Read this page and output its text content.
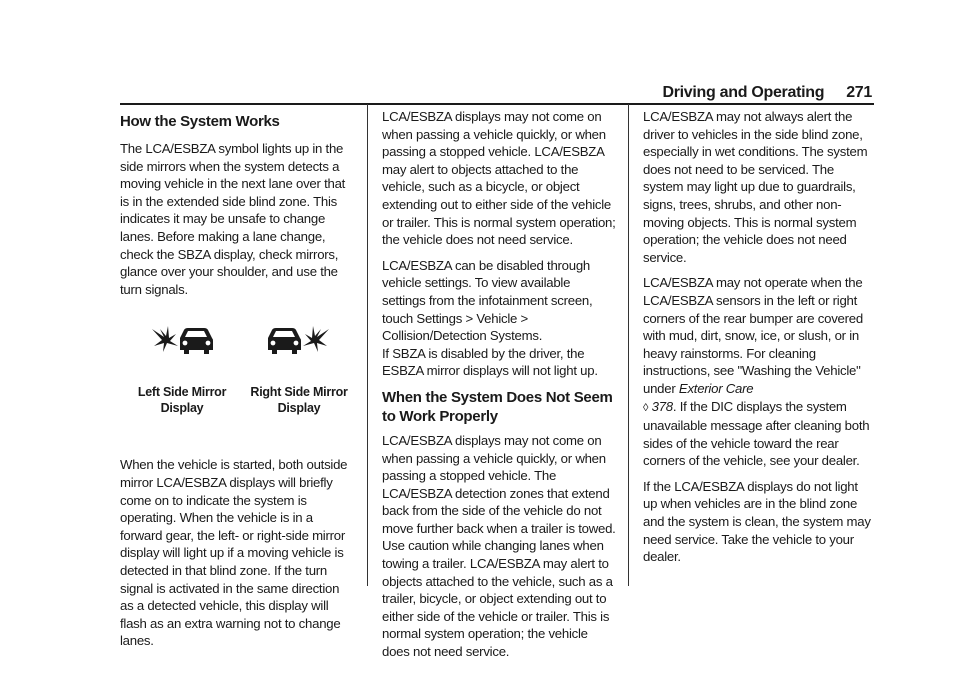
Driving and Operating 271
How the System Works

The LCA/ESBZA symbol lights up in the side mirrors when the system detects a moving vehicle in the next lane over that is in the extended side blind zone. This indicates it may be unsafe to change lanes. Before making a lane change, check the SBZA display, check mirrors, glance over your shoulder, and use the turn signals.

Left Side Mirror
Display
Right Side Mirror
Display

When the vehicle is started, both outside mirror LCA/ESBZA displays will briefly come on to indicate the system is operating. When the vehicle is in a forward gear, the left- or right-side mirror display will light up if a moving vehicle is detected in that blind zone. If the turn signal is activated in the same direction as a detected vehicle, this display will flash as an extra warning not to change lanes.

LCA/ESBZA displays may not come on when passing a vehicle quickly, or when passing a stopped vehicle. LCA/ESBZA may alert to objects attached to the vehicle, such as a bicycle, or object extending out to either side of the vehicle or trailer. This is normal system operation; the vehicle does not need service.

LCA/ESBZA can be disabled through vehicle settings. To view available settings from the infotainment screen, touch Settings > Vehicle > Collision/Detection Systems.

If SBZA is disabled by the driver, the ESBZA mirror displays will not light up.

When the System Does Not Seem to Work Properly

LCA/ESBZA displays may not come on when passing a vehicle quickly, or when passing a stopped vehicle. The LCA/ESBZA detection zones that extend back from the side of the vehicle do not move further back when a trailer is towed. Use caution while changing lanes when towing a trailer. LCA/ESBZA may alert to objects attached to the vehicle, such as a trailer, bicycle, or object extending out to either side of the vehicle or trailer. This is normal system operation; the vehicle does not need service.

LCA/ESBZA may not always alert the driver to vehicles in the side blind zone, especially in wet conditions. The system does not need to be serviced. The system may light up due to guardrails, signs, trees, shrubs, and other non-moving objects. This is normal system operation; the vehicle does not need service.

LCA/ESBZA may not operate when the LCA/ESBZA sensors in the left or right corners of the rear bumper are covered with mud, dirt, snow, ice, or slush, or in heavy rainstorms. For cleaning instructions, see "Washing the Vehicle" under Exterior Care
◊ 378. If the DIC displays the system unavailable message after cleaning both sides of the vehicle toward the rear corners of the vehicle, see your dealer.

If the LCA/ESBZA displays do not light up when vehicles are in the blind zone and the system is clean, the system may need service. Take the vehicle to your dealer.
